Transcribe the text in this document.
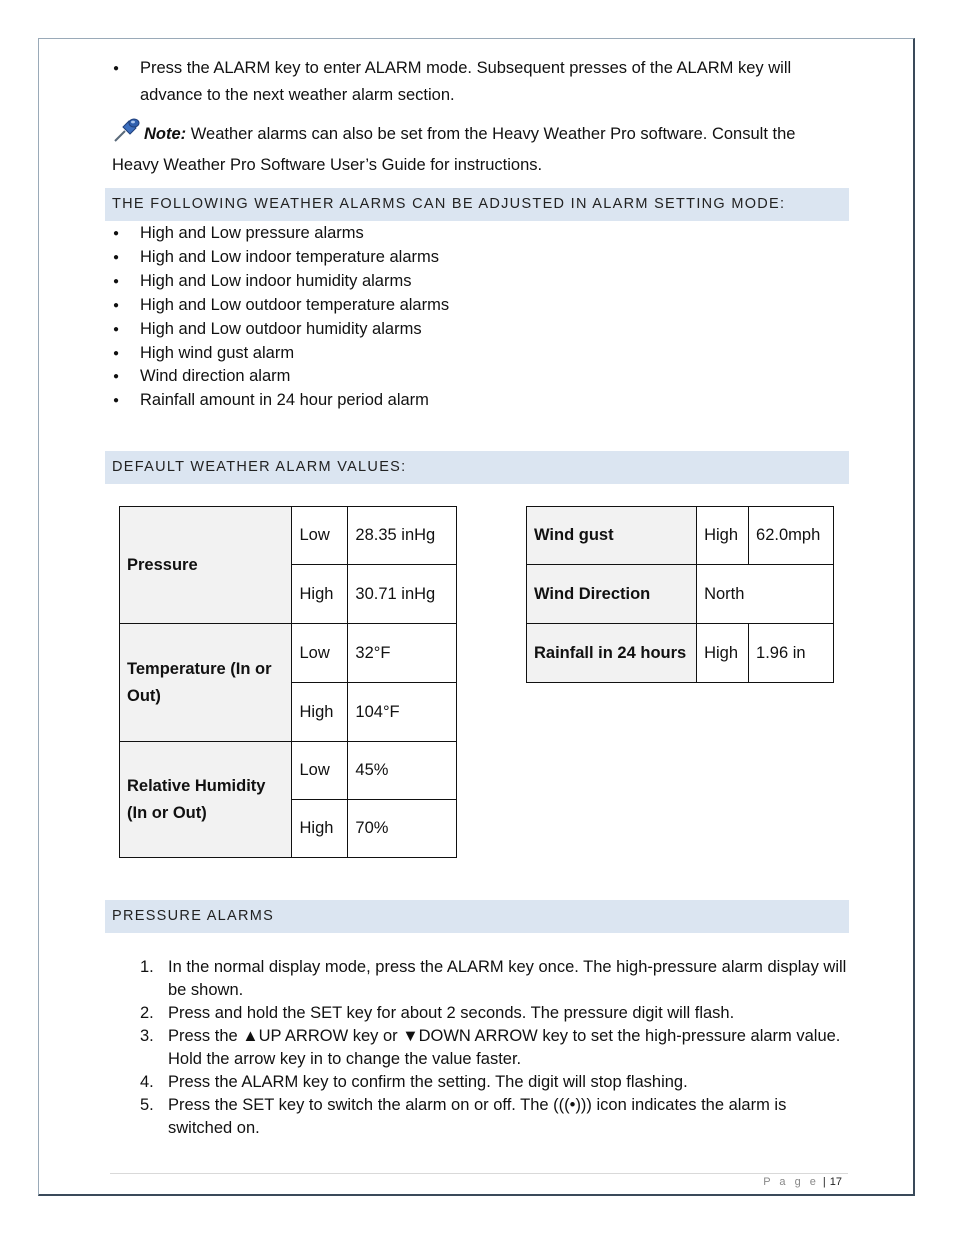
●	Press the ALARM key to enter ALARM mode. Subsequent presses of the ALARM key will advance to the next weather alarm section.
Note: Weather alarms can also be set from the Heavy Weather Pro software. Consult the Heavy Weather Pro Software User’s Guide for instructions.
THE FOLLOWING WEATHER ALARMS CAN BE ADJUSTED IN ALARM SETTING MODE:
● High and Low pressure alarms
● High and Low indoor temperature alarms
● High and Low indoor humidity alarms
● High and Low outdoor temperature alarms
● High and Low outdoor humidity alarms
● High wind gust alarm
● Wind direction alarm
● Rainfall amount in 24 hour period alarm
DEFAULT WEATHER ALARM VALUES:
Pressure	Low	28.35 inHg
	High	30.71 inHg
Temperature (In or Out)	Low	32°F
	High	104°F
Relative Humidity (In or Out)	Low	45%
	High	70%
Wind gust	High	62.0mph
Wind Direction	North	
Rainfall in 24 hours	High	1.96 in
PRESSURE ALARMS
1. In the normal display mode, press the ALARM key once. The high-pressure alarm display will be shown.
2. Press and hold the SET key for about 2 seconds. The pressure digit will flash.
3. Press the ▲UP ARROW key or ▼DOWN ARROW key to set the high-pressure alarm value. Hold the arrow key in to change the value faster.
4. Press the ALARM key to confirm the setting. The digit will stop flashing.
5. Press the SET key to switch the alarm on or off. The (((•))) icon indicates the alarm is switched on.
P a g e | 17
